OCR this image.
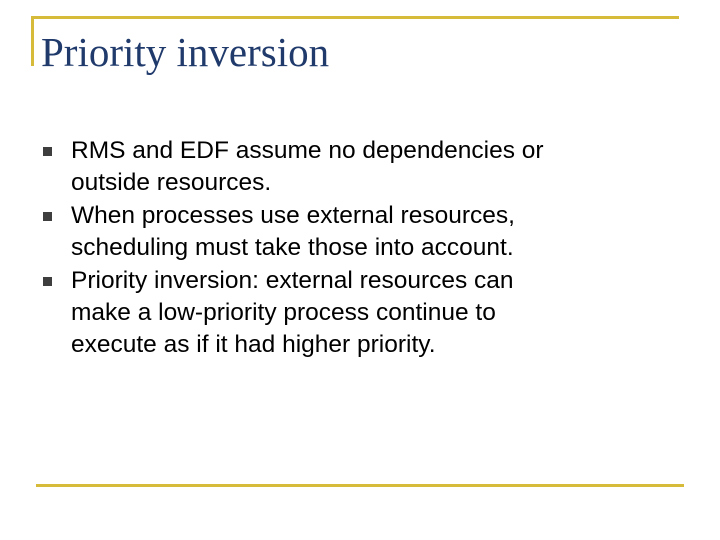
Priority inversion
RMS and EDF assume no dependencies or
outside resources.
When processes use external resources,
scheduling must take those into account.
Priority inversion: external resources can
make a low-priority process continue to
execute as if it had higher priority.
